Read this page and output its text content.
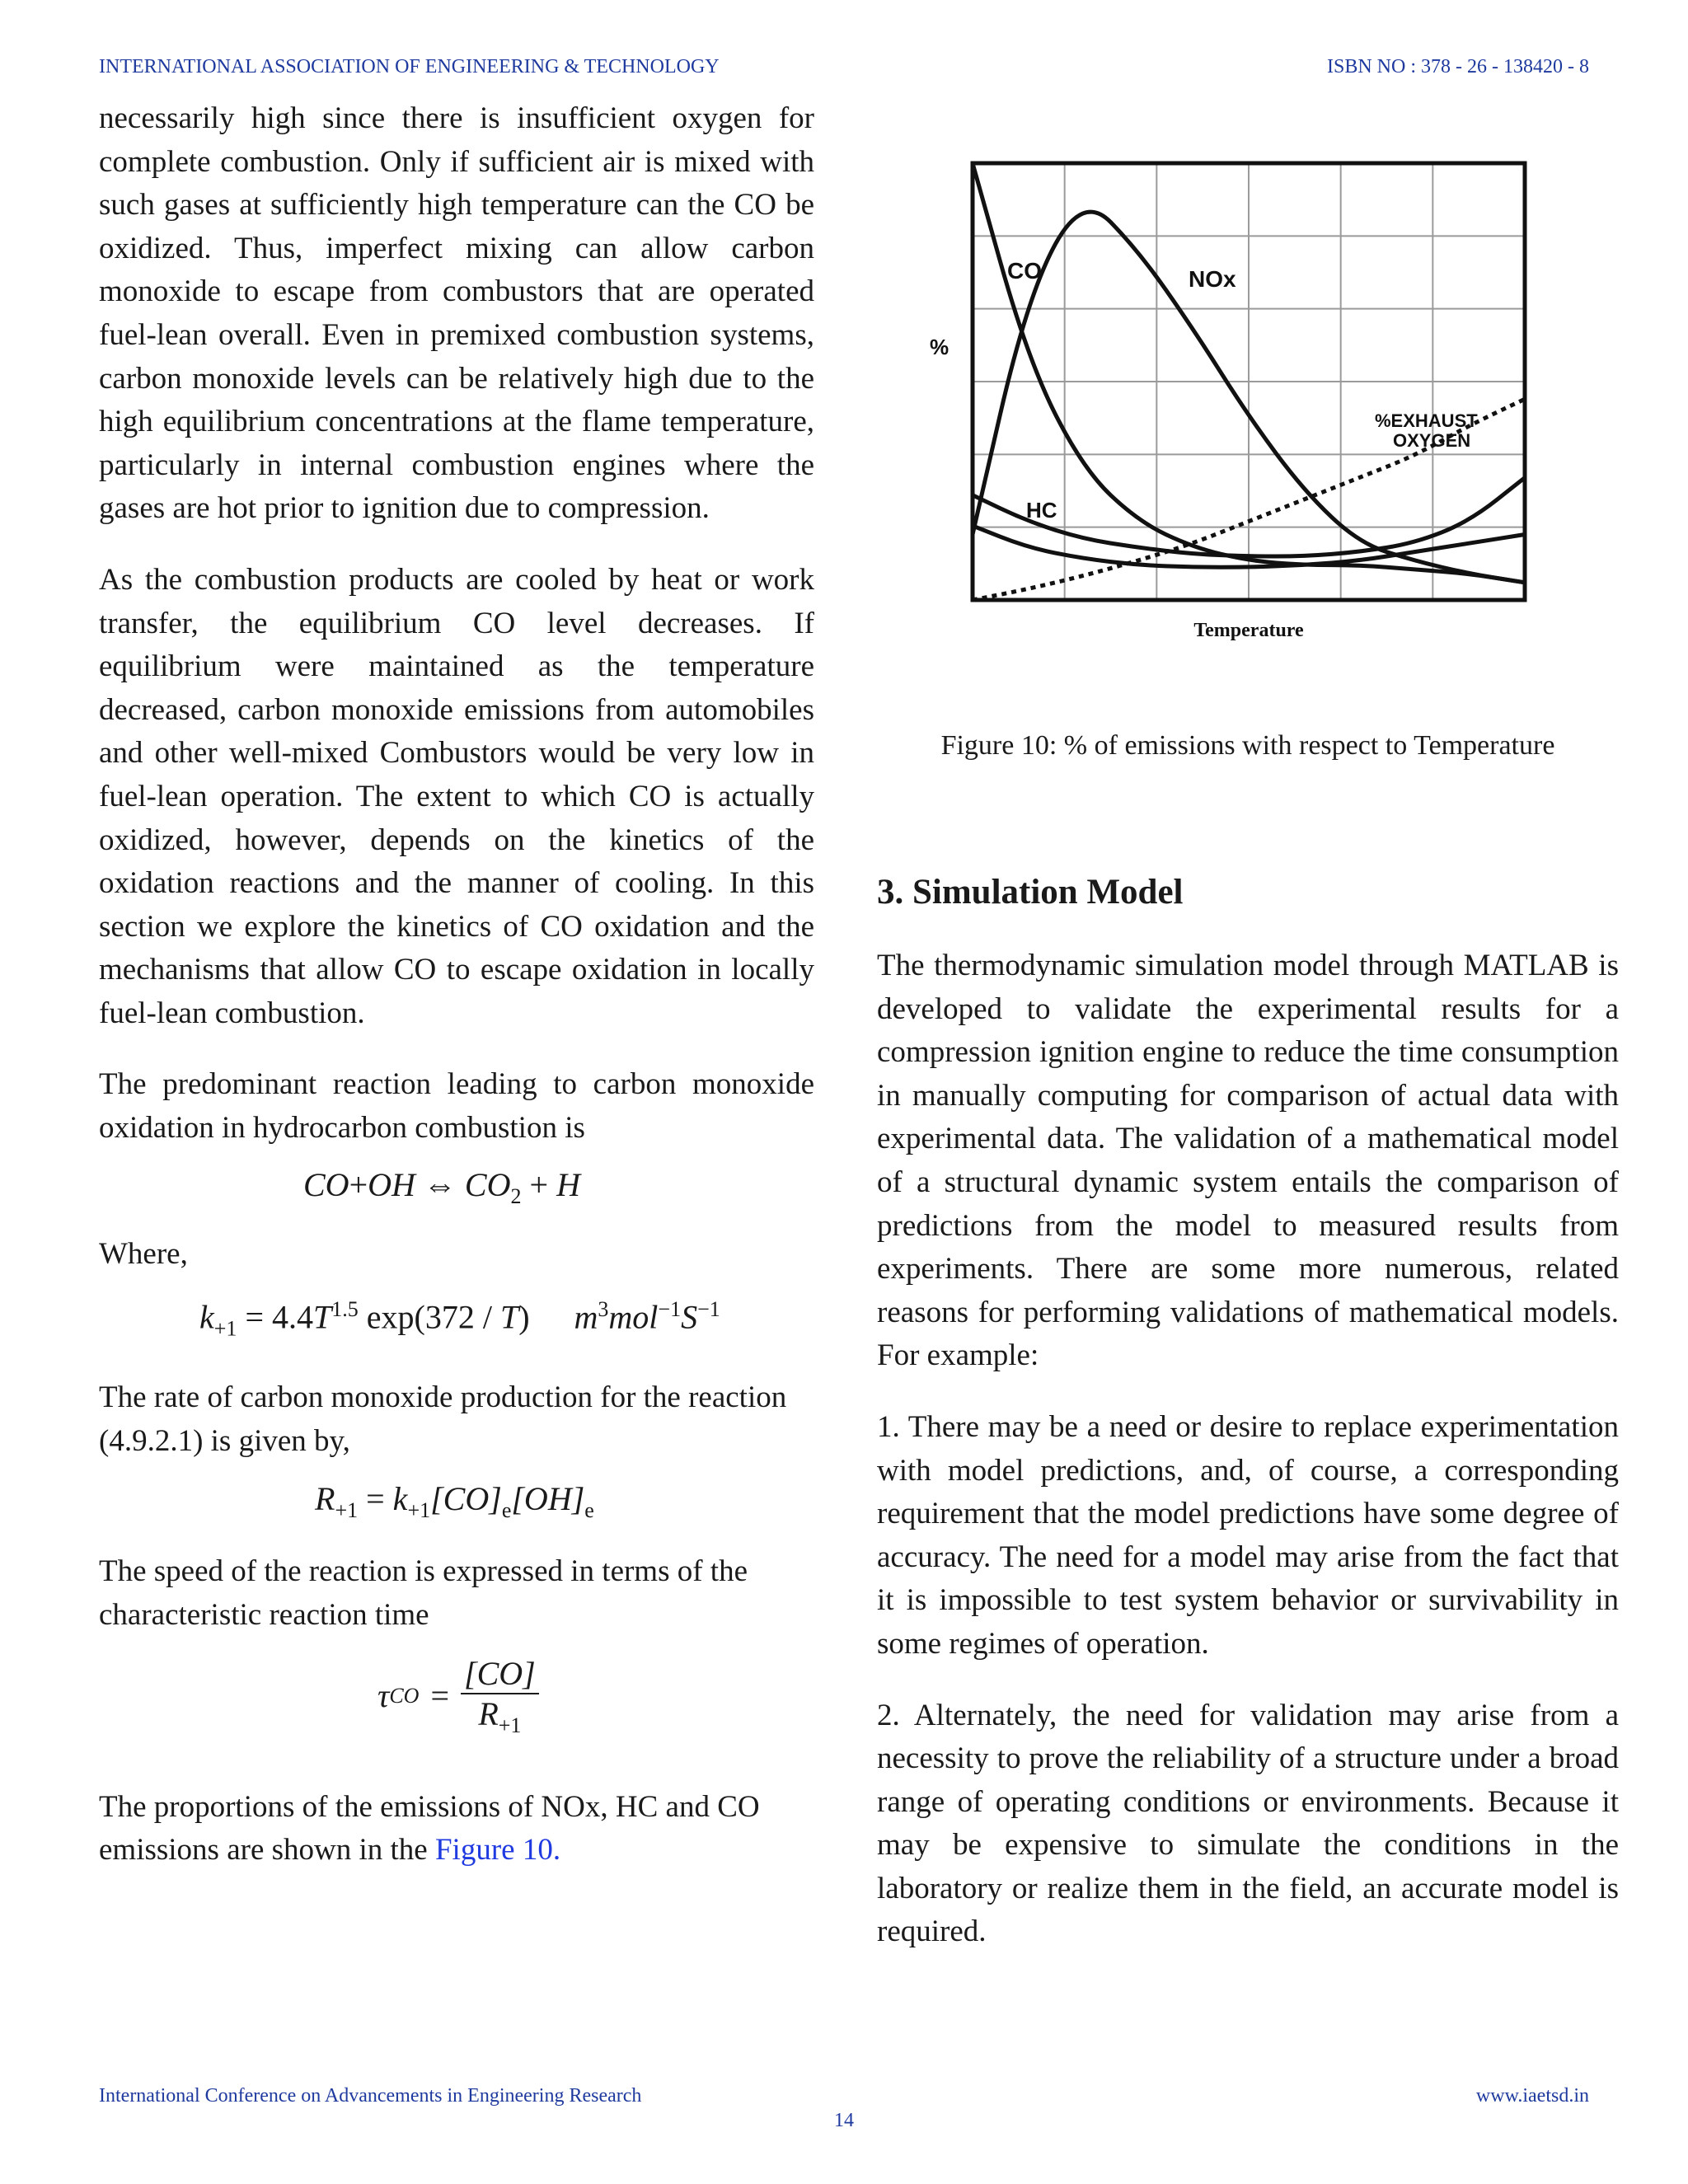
INTERNATIONAL ASSOCIATION OF ENGINEERING & TECHNOLOGY	ISBN NO : 378 - 26 - 138420 - 8

necessarily high since there is insufficient oxygen for complete combustion. Only if sufficient air is mixed with such gases at sufficiently high temperature can the CO be oxidized. Thus, imperfect mixing can allow carbon monoxide to escape from combustors that are operated fuel-lean overall. Even in premixed combustion systems, carbon monoxide levels can be relatively high due to the high equilibrium concentrations at the flame temperature, particularly in internal combustion engines where the gases are hot prior to ignition due to compression.

As the combustion products are cooled by heat or work transfer, the equilibrium CO level decreases. If equilibrium were maintained as the temperature decreased, carbon monoxide emissions from automobiles and other well-mixed Combustors would be very low in fuel-lean operation. The extent to which CO is actually oxidized, however, depends on the kinetics of the oxidation reactions and the manner of cooling. In this section we explore the kinetics of CO oxidation and the mechanisms that allow CO to escape oxidation in locally fuel-lean combustion.

The predominant reaction leading to carbon monoxide oxidation in hydrocarbon combustion is

CO+OH ⇔ $CO_2 + H$

Where,

$k_{+1} = 4.4T^{1.5}$ exp(372 / T) $m^3mol^{-1}S^{-1}$

The rate of carbon monoxide production for the reaction (4.9.2.1) is given by,

$R_{+1} = k_{+1}[CO]_e[OH]_e$

The speed of the reaction is expressed in terms of the characteristic reaction time

τ CO = $\frac{[CO]}{R_{+1}}$

The proportions of the emissions of NOx, HC and CO emissions are shown in the Figure 10.

%
Temperature
CO	NOx
HC
%EXHAUST
OXYGEN
Figure 10: % of emissions with respect to Temperature
3. Simulation Model

The thermodynamic simulation model through MATLAB is developed to validate the experimental results for a compression ignition engine to reduce the time consumption in manually computing for comparison of actual data with experimental data. The validation of a mathematical model of a structural dynamic system entails the comparison of predictions from the model to measured results from experiments. There are some more numerous, related reasons for performing validations of mathematical models. For example:

1. There may be a need or desire to replace experimentation with model predictions, and, of course, a corresponding requirement that the model predictions have some degree of accuracy. The need for a model may arise from the fact that it is impossible to test system behavior or survivability in some regimes of operation.

2. Alternately, the need for validation may arise from a necessity to prove the reliability of a structure under a broad range of operating conditions or environments. Because it may be expensive to simulate the conditions in the laboratory or realize them in the field, an accurate model is required.

International Conference on Advancements in Engineering Research	www.iaetsd.in
14
